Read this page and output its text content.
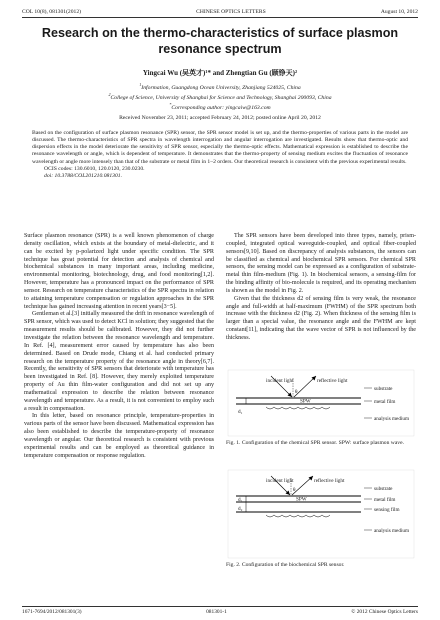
COL 10(8), 081301(2012)	CHINESE OPTICS LETTERS	August 10, 2012
Research on the thermo-characteristics of surface plasmon
resonance spectrum
Yingcai Wu (吴英才)¹* and Zhengtian Gu (顾铮天)²
$^1$Information, Guangdong Ocean University, Zhanjiang 524025, China
$^2$College of Science, University of Shanghai for Science and Technology, Shanghai 200093, China
*Corresponding author: yingcaiw@163.com
Received November 23, 2011; accepted February 24, 2012; posted online April 20, 2012

Based on the configuration of surface plasmon resonance (SPR) sensor, the SPR sensor model is set up, and the thermo-properties of various parts in the model are discussed. The thermo-characteristics of SPR spectra in wavelength interrogation and angular interrogation are investigated. Results show that thermo-optic and dispersion effects in the model deteriorate the sensitivity of SPR sensor, especially the thermo-optic effects. Mathematical expression is established to describe the resonance wavelength or angle, which is dependent of temperature. It demonstrates that the thermo-property of sensing medium excites the fluctuation of resonance wavelength or angle more intensely than that of the substrate or metal film in 1–2 orders. Our theoretical research is consistent with the previous experimental results.

OCIS codes: 130.6010, 120.0120, 230.0230.

doi: 10.3788/COL201210.081301.

Surface plasmon resonance (SPR) is a well known phenomenon of charge density oscillation, which exists at the boundary of metal-dielectric, and it can be excited by p-polarized light under specific condition. The SPR technique has great potential for detection and analysis of chemical and biochemical substances in many important areas, including medicine, environmental monitoring, biotechnology, drug, and food monitoring[1,2]. However, temperature has a pronounced impact on the performance of SPR sensor. Research on temperature characteristics of the SPR spectra in relation to attaining temperature compensation or regulation approaches in the SPR technique has gained increasing attention in recent years[3−5].

Gentleman et al.[3] initially measured the drift in resonance wavelength of SPR sensor, which was used to detect KCl in solution; they suggested that the measurement results should be calibrated. However, they did not further investigate the relation between the resonance wavelength and temperature. In Ref. [4], measurement error caused by temperature has also been determined. Based on Drude mode, Chiang et al. had conducted primary research on the temperature property of the resonance angle in theory[6,7]. Recently, the sensitivity of SPR sensors that deteriorate with temperature has been investigated in Ref. [8]. However, they merely exploited temperature property of Au thin film-water configuration and did not set up any mathematical expression to describe the relation between resonance wavelength and temperature. As a result, it is not convenient to employ such a result in compensation.

In this letter, based on resonance principle, temperature-properties in various parts of the sensor have been discussed. Mathematical expression has also been established to describe the temperature-property of resonance wavelength or angular. Our theoretical research is consistent with previous experimental results and can be employed as theoretical guidance in temperature compensation or response regulation.

The SPR sensors have been developed into three types, namely, prism-coupled, integrated optical waveguide-coupled, and optical fiber-coupled sensors[9,10]. Based on discrepancy of analysis substances, the sensors can be classified as chemical and biochemical SPR sensors. For chemical SPR sensors, the sensing model can be expressed as a configuration of substrate-metal thin film-medium (Fig. 1). In biochemical sensors, a sensing-film for the binding affinity of bio-molecule is required, and its operating mechanism is shown as the model in Fig. 2.

Given that the thickness d2 of sensing film is very weak, the resonance angle and full-width at half-maximum (FWHM) of the SPR spectrum both increase with the thickness d2 (Fig. 2). When thickness of the sensing film is larger than a special value, the resonance angle and the FWHM are kept constant[11], indicating that the wave vector of SPR is not influenced by the thickness.

incident light	reflective light
θ
d₁
SPW
substrate
metal film
analysis medium
Fig. 1. Configuration of the chemical SPR sensor. SPW: surface plasmon wave.
incident light	reflective light
θ
d₁
d₂
SPW
substrate
metal film
sensing film
analysis medium
Fig. 2. Configuration of the biochemical SPR sensor.
1671-7694/2012/081301(3)	081301-1	© 2012 Chinese Optics Letters
